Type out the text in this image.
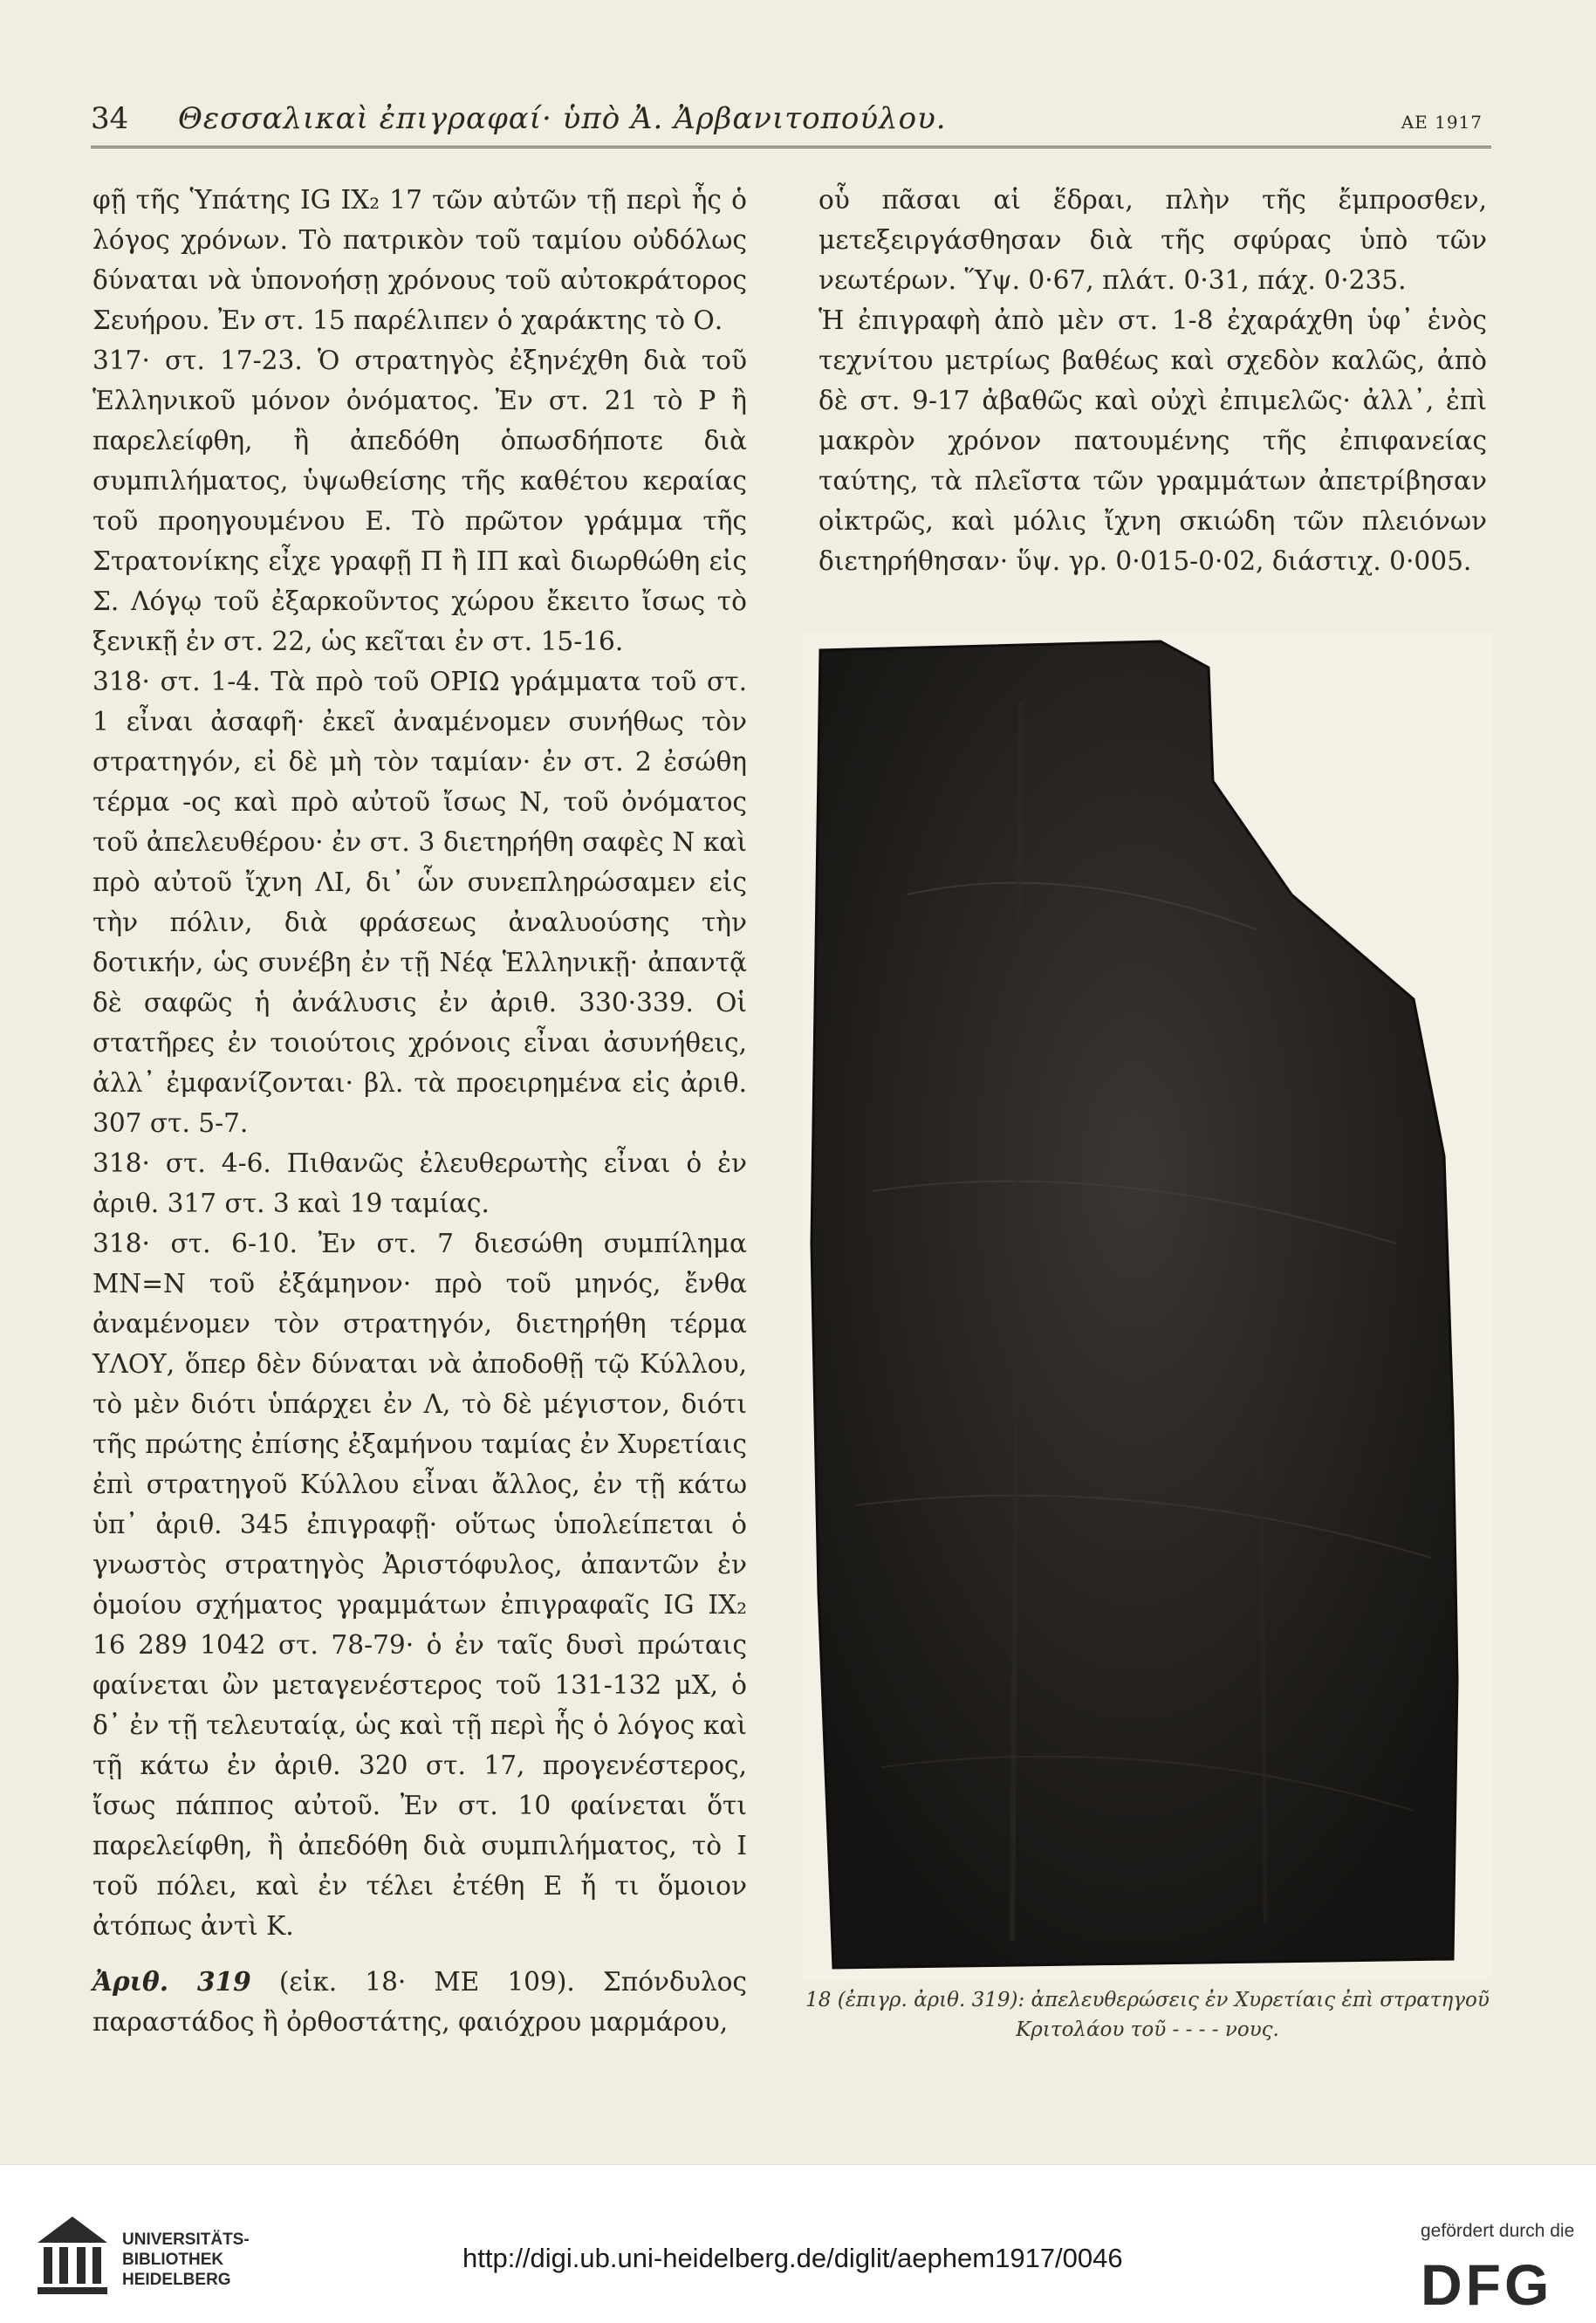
34 Θεσσαλικαὶ ἐπιγραφαί· ὑπὸ Ἀ. Ἀρβανιτοπούλου.	ΑΕ 1917

φῇ τῆς Ὑπάτης IG IX₂ 17 τῶν αὐτῶν τῇ περὶ ἧς ὁ λόγος χρόνων. Τὸ πατρικὸν τοῦ ταμίου οὐδόλως δύναται νὰ ὑπονοήσῃ χρόνους τοῦ αὐτοκράτορος Σευήρου. Ἐν στ. 15 παρέλιπεν ὁ χαράκτης τὸ Ο.

317· στ. 17-23. Ὁ στρατηγὸς ἐξηνέχθη διὰ τοῦ Ἑλληνικοῦ μόνον ὀνόματος. Ἐν στ. 21 τὸ Ρ ἢ παρελείφθη, ἢ ἀπεδόθη ὁπωσδήποτε διὰ συμπιλήματος, ὑψωθείσης τῆς καθέτου κεραίας τοῦ προηγουμένου Ε. Τὸ πρῶτον γράμμα τῆς Στρατονίκης εἶχε γραφῇ Π ἢ ΙΠ καὶ διωρθώθη εἰς Σ. Λόγῳ τοῦ ἐξαρκοῦντος χώρου ἔκειτο ἴσως τὸ ξενικῇ ἐν στ. 22, ὡς κεῖται ἐν στ. 15-16.

318· στ. 1-4. Τὰ πρὸ τοῦ ΟΡΙΩ γράμματα τοῦ στ. 1 εἶναι ἀσαφῆ· ἐκεῖ ἀναμένομεν συνήθως τὸν στρατηγόν, εἰ δὲ μὴ τὸν ταμίαν· ἐν στ. 2 ἐσώθη τέρμα -ος καὶ πρὸ αὐτοῦ ἴσως Ν, τοῦ ὀνόματος τοῦ ἀπελευθέρου· ἐν στ. 3 διετηρήθη σαφὲς Ν καὶ πρὸ αὐτοῦ ἴχνη ΛΙ, δι᾽ ὧν συνεπληρώσαμεν εἰς τὴν πόλιν, διὰ φράσεως ἀναλυούσης τὴν δοτικήν, ὡς συνέβη ἐν τῇ Νέᾳ Ἑλληνικῇ· ἀπαντᾷ δὲ σαφῶς ἡ ἀνάλυσις ἐν ἀριθ. 330·339. Οἱ στατῆρες ἐν τοιούτοις χρόνοις εἶναι ἀσυνήθεις, ἀλλ᾽ ἐμφανίζονται· βλ. τὰ προειρημένα εἰς ἀριθ. 307 στ. 5-7.

318· στ. 4-6. Πιθανῶς ἐλευθερωτὴς εἶναι ὁ ἐν ἀριθ. 317 στ. 3 καὶ 19 ταμίας.

318· στ. 6-10. Ἐν στ. 7 διεσώθη συμπίλημα ΜΝ=Ν τοῦ ἐξάμηνον· πρὸ τοῦ μηνός, ἔνθα ἀναμένομεν τὸν στρατηγόν, διετηρήθη τέρμα ΥΛΟΥ, ὅπερ δὲν δύναται νὰ ἀποδοθῇ τῷ Κύλλου, τὸ μὲν διότι ὑπάρχει ἐν Λ, τὸ δὲ μέγιστον, διότι τῆς πρώτης ἐπίσης ἐξαμήνου ταμίας ἐν Χυρετίαις ἐπὶ στρατηγοῦ Κύλλου εἶναι ἄλλος, ἐν τῇ κάτω ὑπ᾽ ἀριθ. 345 ἐπιγραφῇ· οὕτως ὑπολείπεται ὁ γνωστὸς στρατηγὸς Ἀριστόφυλος, ἀπαντῶν ἐν ὁμοίου σχήματος γραμμάτων ἐπιγραφαῖς IG IX₂ 16 289 1042 στ. 78-79· ὁ ἐν ταῖς δυσὶ πρώταις φαίνεται ὢν μεταγενέστερος τοῦ 131-132 μΧ, ὁ δ᾽ ἐν τῇ τελευταίᾳ, ὡς καὶ τῇ περὶ ἧς ὁ λόγος καὶ τῇ κάτω ἐν ἀριθ. 320 στ. 17, προγενέστερος, ἴσως πάππος αὐτοῦ. Ἐν στ. 10 φαίνεται ὅτι παρελείφθη, ἢ ἀπεδόθη διὰ συμπιλήματος, τὸ Ι τοῦ πόλει, καὶ ἐν τέλει ἐτέθη Ε ἤ τι ὅμοιον ἀτόπως ἀντὶ Κ.

Ἀριθ. 319 (εἰκ. 18· ΜΕ 109). Σπόνδυλος παραστάδος ἢ ὀρθοστάτης, φαιόχρου μαρμάρου,

οὗ πᾶσαι αἱ ἕδραι, πλὴν τῆς ἔμπροσθεν, μετεξειργάσθησαν διὰ τῆς σφύρας ὑπὸ τῶν νεωτέρων. Ὕψ. 0·67, πλάτ. 0·31, πάχ. 0·235.

Ἡ ἐπιγραφὴ ἀπὸ μὲν στ. 1-8 ἐχαράχθη ὑφ᾽ ἑνὸς τεχνίτου μετρίως βαθέως καὶ σχεδὸν καλῶς, ἀπὸ δὲ στ. 9-17 ἀβαθῶς καὶ οὐχὶ ἐπιμελῶς· ἀλλ᾽, ἐπὶ μακρὸν χρόνον πατουμένης τῆς ἐπιφανείας ταύτης, τὰ πλεῖστα τῶν γραμμάτων ἀπετρίβησαν οἰκτρῶς, καὶ μόλις ἴχνη σκιώδη τῶν πλειόνων διετηρήθησαν· ὕψ. γρ. 0·015-0·02, διάστιχ. 0·005.

18 (ἐπιγρ. ἀριθ. 319): ἀπελευθερώσεις ἐν Χυρετίαις ἐπὶ στρατηγοῦ Κριτολάου τοῦ - - - - νους.
UNIVERSITÄTS-
BIBLIOTHEK
HEIDELBERG
http://digi.ub.uni-heidelberg.de/diglit/aephem1917/0046
gefördert durch die
DFG
